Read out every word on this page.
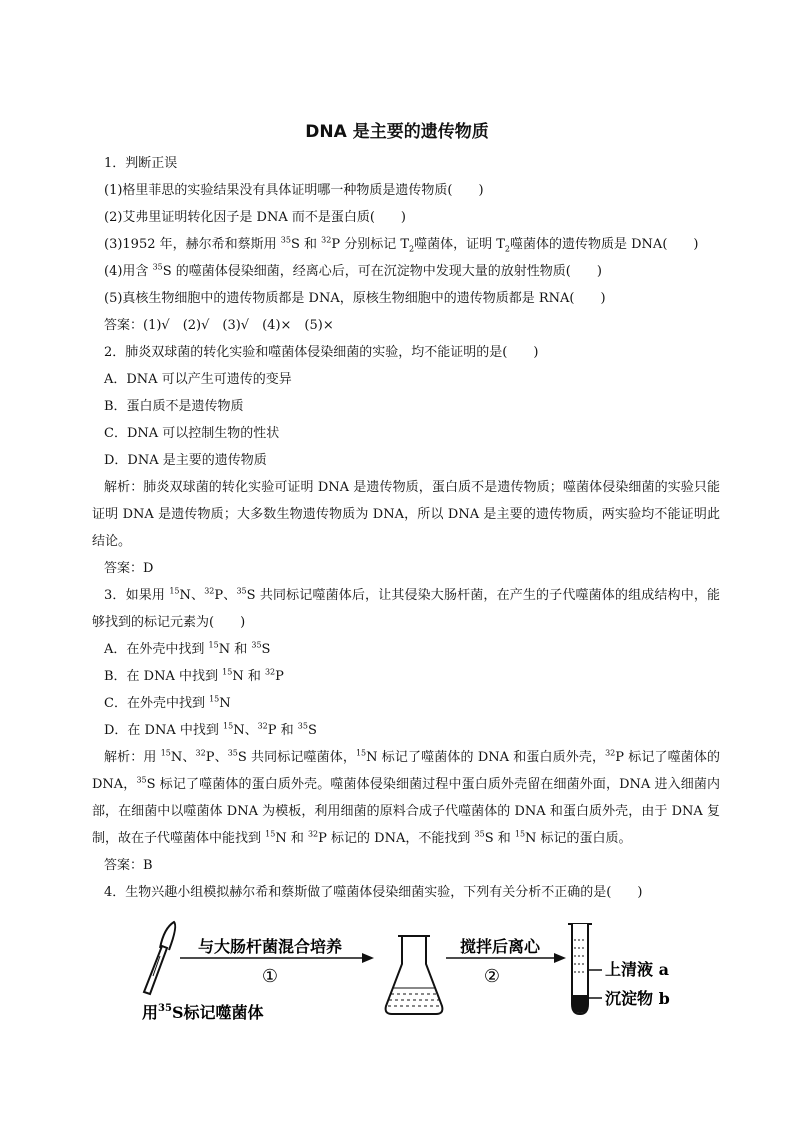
DNA 是主要的遗传物质
1．判断正误
(1)格里菲思的实验结果没有具体证明哪一种物质是遗传物质(　　)
(2)艾弗里证明转化因子是 DNA 而不是蛋白质(　　)
(3)1952 年，赫尔希和蔡斯用 $^{35}$S 和 $^{32}$P 分别标记 $T_2$噬菌体，证明 $T_2$噬菌体的遗传物质是 DNA(　　)
(4)用含 $^{35}$S 的噬菌体侵染细菌，经离心后，可在沉淀物中发现大量的放射性物质(　　)
(5)真核生物细胞中的遗传物质都是 DNA，原核生物细胞中的遗传物质都是 RNA(　　)
答案：(1)√　(2)√　(3)√　(4)×　(5)×
2．肺炎双球菌的转化实验和噬菌体侵染细菌的实验，均不能证明的是(　　)
A．DNA 可以产生可遗传的变异
B．蛋白质不是遗传物质
C．DNA 可以控制生物的性状
D．DNA 是主要的遗传物质
解析：肺炎双球菌的转化实验可证明 DNA 是遗传物质，蛋白质不是遗传物质；噬菌体侵染细菌的实验只能证明 DNA 是遗传物质；大多数生物遗传物质为 DNA，所以 DNA 是主要的遗传物质，两实验均不能证明此结论。
答案：D
3．如果用 $^{15}$N、$^{32}$P、$^{35}$S 共同标记噬菌体后，让其侵染大肠杆菌，在产生的子代噬菌体的组成结构中，能够找到的标记元素为(　　)
A．在外壳中找到 $^{15}$N 和 $^{35}$S
B．在 DNA 中找到 $^{15}$N 和 $^{32}$P
C．在外壳中找到 $^{15}$N
D．在 DNA 中找到 $^{15}$N、$^{32}$P 和 $^{35}$S
解析：用 $^{15}$N、$^{32}$P、$^{35}$S 共同标记噬菌体，$^{15}$N 标记了噬菌体的 DNA 和蛋白质外壳，$^{32}$P 标记了噬菌体的 DNA，$^{35}$S 标记了噬菌体的蛋白质外壳。噬菌体侵染细菌过程中蛋白质外壳留在细菌外面，DNA 进入细菌内部，在细菌中以噬菌体 DNA 为模板，利用细菌的原料合成子代噬菌体的 DNA 和蛋白质外壳，由于 DNA 复制，故在子代噬菌体中能找到 $^{15}$N 和 $^{32}$P 标记的 DNA，不能找到 $^{35}$S 和 $^{15}$N 标记的蛋白质。
答案：B
4．生物兴趣小组模拟赫尔希和蔡斯做了噬菌体侵染细菌实验，下列有关分析不正确的是(　　)
与大肠杆菌混合培养
①
搅拌后离心
②	上清液 a
沉淀物 b
用$^{35}$S标记噬菌体
